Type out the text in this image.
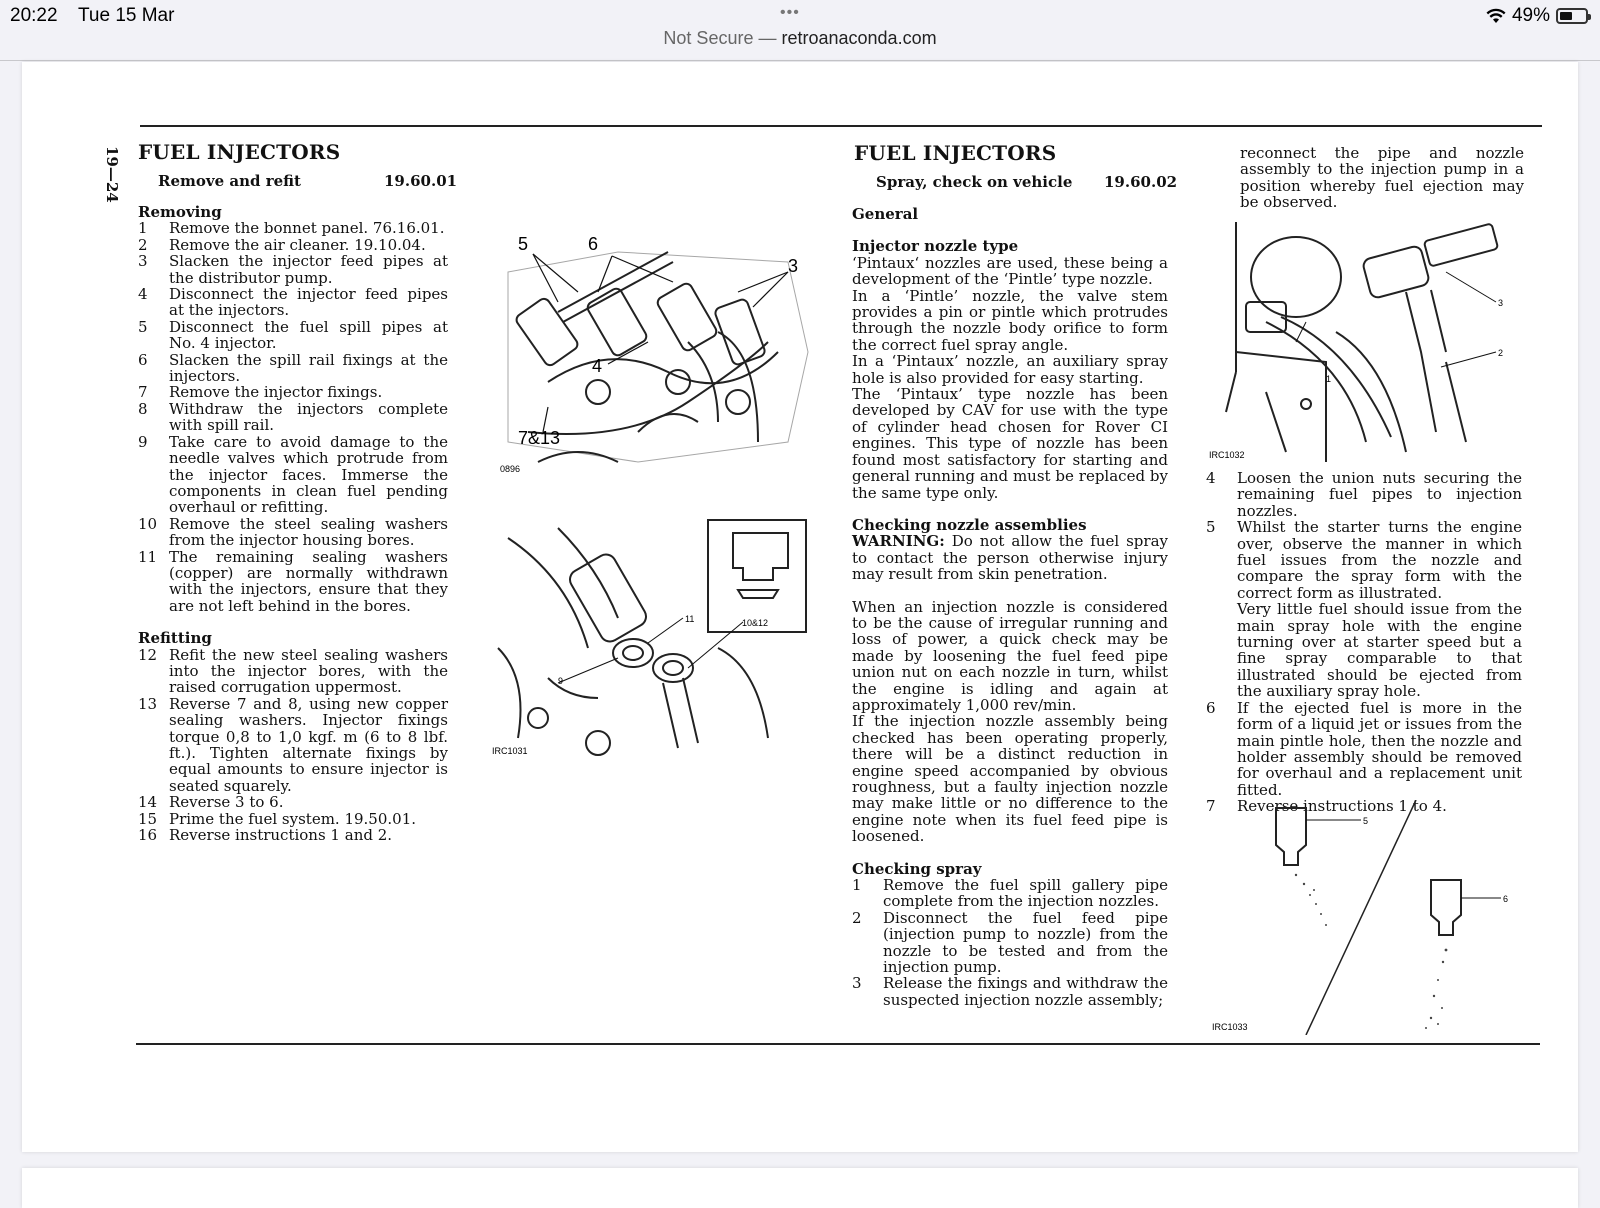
20:22 Tue 15 Mar	•••	49%
Not Secure — retroanaconda.com
19—24 FUEL INJECTORS
Remove and refit	19.60.01
Removing
1	Remove the bonnet panel. 76.16.01.
2	Remove the air cleaner. 19.10.04.
3	Slacken the injector feed pipes at the distributor pump.
4	Disconnect the injector feed pipes at the injectors.
5	Disconnect the fuel spill pipes at No. 4 injector.
6	Slacken the spill rail fixings at the injectors.
7	Remove the injector fixings.
8	Withdraw the injectors complete with spill rail.
9	Take care to avoid damage to the needle valves which protrude from the injector faces. Immerse the components in clean fuel pending overhaul or refitting.
10 Remove the steel sealing washers from the injector housing bores.
11 The remaining sealing washers (copper) are normally withdrawn with the injectors, ensure that they are not left behind in the bores.
Refitting
12 Refit the new steel sealing washers into the injector bores, with the raised corrugation uppermost.
13 Reverse 7 and 8, using new copper sealing washers. Injector fixings torque 0,8 to 1,0 kgf. m (6 to 8 lbf. ft.). Tighten alternate fixings by equal amounts to ensure injector is seated squarely.
14 Reverse 3 to 6.
15 Prime the fuel system. 19.50.01.
16 Reverse instructions 1 and 2.
5	6
3
4
7&13
0896
11
9
10&12
IRC1031
FUEL INJECTORS
Spray, check on vehicle 19.60.02
General
Injector nozzle type

‘Pintaux‘ nozzles are used, these being a development of the ‘Pintle’ type nozzle.

In a ‘Pintle’ nozzle, the valve stem provides a pin or pintle which protrudes through the nozzle body orifice to form the correct fuel spray angle.

In a ‘Pintaux’ nozzle, an auxiliary spray hole is also provided for easy starting.

The ‘Pintaux’ type nozzle has been developed by CAV for use with the type of cylinder head chosen for Rover CI engines. This type of nozzle has been found most satisfactory for starting and general running and must be replaced by the same type only.

Checking nozzle assemblies

WARNING: Do not allow the fuel spray to contact the person otherwise injury may result from skin penetration.

When an injection nozzle is considered to be the cause of irregular running and loss of power, a quick check may be made by loosening the fuel feed pipe union nut on each nozzle in turn, whilst the engine is idling and again at approximately 1,000 rev/min.

If the injection nozzle assembly being checked has been operating properly, there will be a distinct reduction in engine speed accompanied by obvious roughness, but a faulty injection nozzle may make little or no difference to the engine note when its fuel feed pipe is loosened.

Checking spray
1	Remove the fuel spill gallery pipe complete from the injection nozzles.
2	Disconnect the fuel feed pipe (injection pump to nozzle) from the nozzle to be tested and from the injection pump.
3	Release the fixings and withdraw the suspected injection nozzle assembly;

reconnect the pipe and nozzle assembly to the injection pump in a position whereby fuel ejection may be observed.

1
2
3
IRC1032
4	Loosen the union nuts securing the remaining fuel pipes to injection nozzles.
5	Whilst the starter turns the engine over, observe the manner in which fuel issues from the nozzle and compare the spray form with the correct form as illustrated.
Very little fuel should issue from the main spray hole with the engine turning over at starter speed but a fine spray comparable to that illustrated should be ejected from the auxiliary spray hole.
6	If the ejected fuel is more in the form of a liquid jet or issues from the main pintle hole, then the nozzle and holder assembly should be removed for overhaul and a replacement unit fitted.
7	Reverse instructions 1 to 4.
5
6
IRC1033
